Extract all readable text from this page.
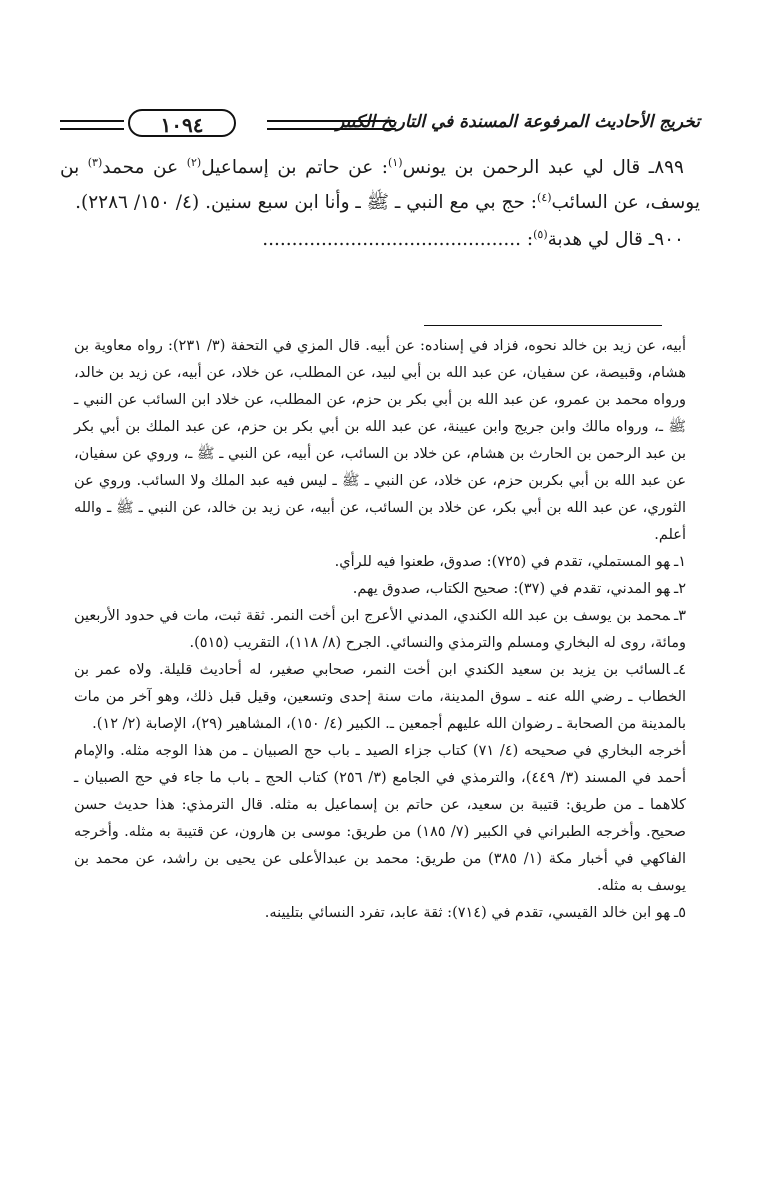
تخريج الأحاديث المرفوعة المسندة في التاريخ الكبير
١٠٩٤

٨٩٩ـ قال لي عبد الرحمن بن يونس$^{(١)}$: عن حاتم بن إسماعيل$^{(٢)}$ عن محمد$^{(٣)}$ بن يوسف، عن السائب$^{(٤)}$: حج بي مع النبي ـ ﷺ ـ وأنا ابن سبع سنين. (٤/ ١٥٠/ ٢٢٨٦).

٩٠٠ـ قال لي هدبة$^{(٥)}$: ............................................

أبيه، عن زيد بن خالد نحوه، فزاد في إسناده: عن أبيه. قال المزي في التحفة (٣/ ٢٣١): رواه معاوية بن هشام، وقبيصة، عن سفيان، عن عبد الله بن أبي لبيد، عن المطلب، عن خلاد، عن أبيه، عن زيد بن خالد، ورواه محمد بن عمرو، عن عبد الله بن أبي بكر بن حزم، عن المطلب، عن خلاد ابن السائب عن النبي ـ ﷺ ـ، ورواه مالك وابن جريج وابن عيينة، عن عبد الله بن أبي بكر بن حزم، عن عبد الملك بن أبي بكر بن عبد الرحمن بن الحارث بن هشام، عن خلاد بن السائب، عن أبيه، عن النبي ـ ﷺ ـ، وروي عن سفيان، عن عبد الله بن أبي بكربن حزم، عن خلاد، عن النبي ـ ﷺ ـ ليس فيه عبد الملك ولا السائب. وروي عن الثوري، عن عبد الله بن أبي بكر، عن خلاد بن السائب، عن أبيه، عن زيد بن خالد، عن النبي ـ ﷺ ـ والله أعلم.

١ـهو المستملي، تقدم في (٧٢٥): صدوق، طعنوا فيه للرأي.

٢ـهو المدني، تقدم في (٣٧): صحيح الكتاب، صدوق يهم.

٣ـمحمد بن يوسف بن عبد الله الكندي، المدني الأعرج ابن أخت النمر. ثقة ثبت، مات في حدود الأربعين ومائة، روى له البخاري ومسلم والترمذي والنسائي. الجرح (٨/ ١١٨)، التقريب (٥١٥).

٤ـالسائب بن يزيد بن سعيد الكندي ابن أخت النمر، صحابي صغير، له أحاديث قليلة. ولاه عمر بن الخطاب ـ رضي الله عنه ـ سوق المدينة، مات سنة إحدى وتسعين، وقيل قبل ذلك، وهو آخر من مات بالمدينة من الصحابة ـ رضوان الله عليهم أجمعين ـ. الكبير (٤/ ١٥٠)، المشاهير (٢٩)، الإصابة (٢/ ١٢).

أخرجه البخاري في صحيحه (٤/ ٧١) كتاب جزاء الصيد ـ باب حج الصبيان ـ من هذا الوجه مثله. والإمام أحمد في المسند (٣/ ٤٤٩)، والترمذي في الجامع (٣/ ٢٥٦) كتاب الحج ـ باب ما جاء في حج الصبيان ـ كلاهما ـ من طريق: قتيبة بن سعيد، عن حاتم بن إسماعيل به مثله. قال الترمذي: هذا حديث حسن صحيح. وأخرجه الطبراني في الكبير (٧/ ١٨٥) من طريق: موسى بن هارون، عن قتيبة به مثله. وأخرجه الفاكهي في أخبار مكة (١/ ٣٨٥) من طريق: محمد بن عبدالأعلى عن يحيى بن راشد، عن محمد بن يوسف به مثله.

٥ـهو ابن خالد القيسي، تقدم في (٧١٤): ثقة عابد، تفرد النسائي بتليينه.
